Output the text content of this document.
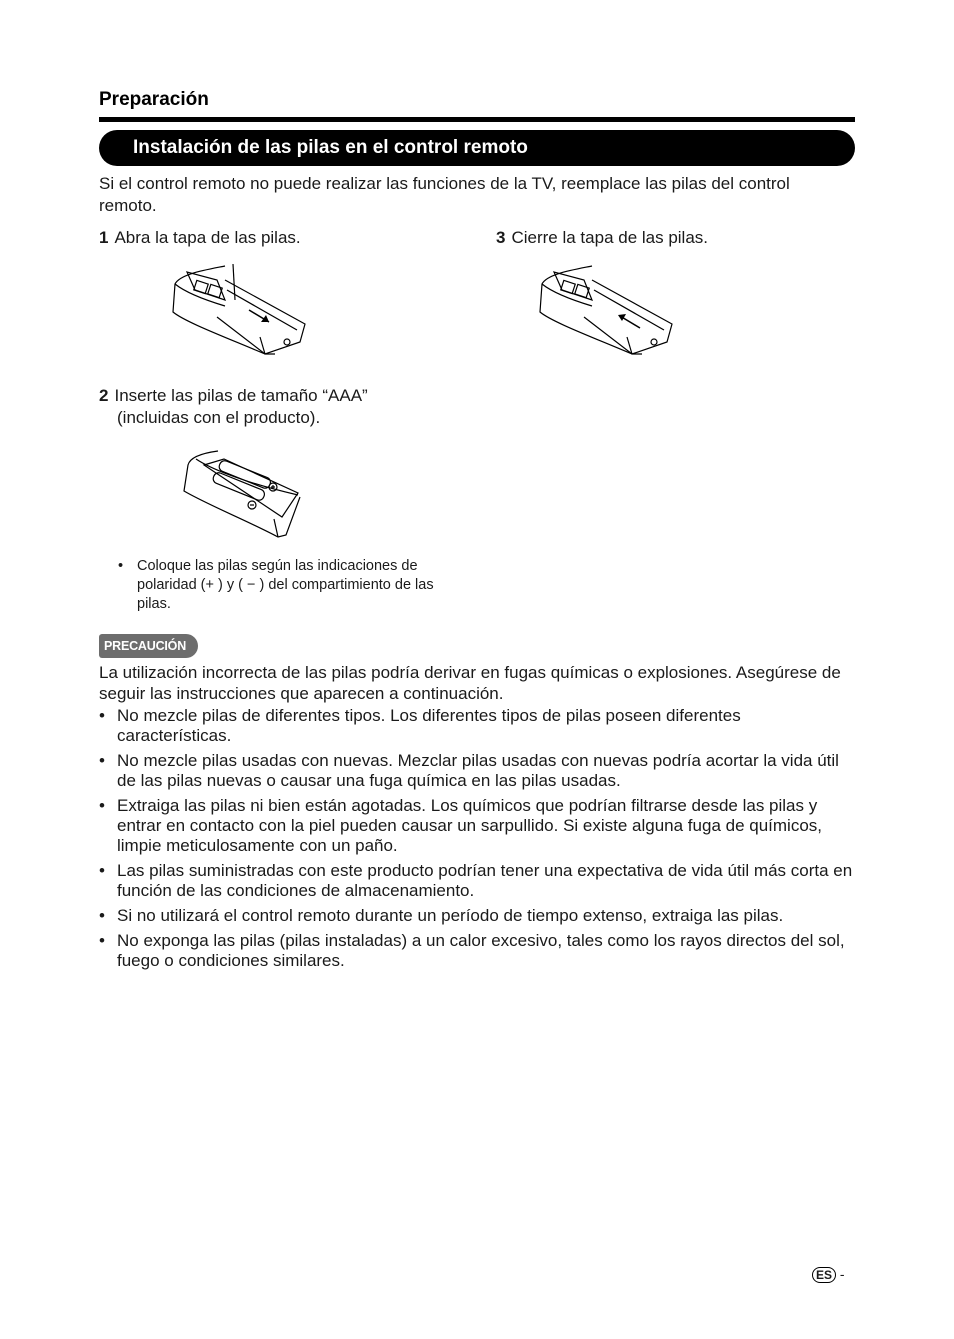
Preparación
Instalación de las pilas en el control remoto
Si el control remoto no puede realizar las funciones de la TV, reemplace las pilas del control remoto.
1 Abra la tapa de las pilas.	3 Cierre la tapa de las pilas.
2 Inserte las pilas de tamaño “AAA”
(incluidas con el producto).
• Coloque las pilas según las indicaciones de polaridad (+ ) y ( − ) del compartimiento de las pilas.
PRECAUCIÓN
La utilización incorrecta de las pilas podría derivar en fugas químicas o explosiones. Asegúrese de seguir las instrucciones que aparecen a continuación.
• No mezcle pilas de diferentes tipos. Los diferentes tipos de pilas poseen diferentes características.
• No mezcle pilas usadas con nuevas. Mezclar pilas usadas con nuevas podría acortar la vida útil de las pilas nuevas o causar una fuga química en las pilas usadas.
• Extraiga las pilas ni bien están agotadas. Los químicos que podrían filtrarse desde las pilas y entrar en contacto con la piel pueden causar un sarpullido. Si existe alguna fuga de químicos, limpie meticulosamente con un paño.
• Las pilas suministradas con este producto podrían tener una expectativa de vida útil más corta en función de las condiciones de almacenamiento.
• Si no utilizará el control remoto durante un período de tiempo extenso, extraiga las pilas.
• No exponga las pilas (pilas instaladas) a un calor excesivo, tales como los rayos directos del sol, fuego o condiciones similares.
ES -
